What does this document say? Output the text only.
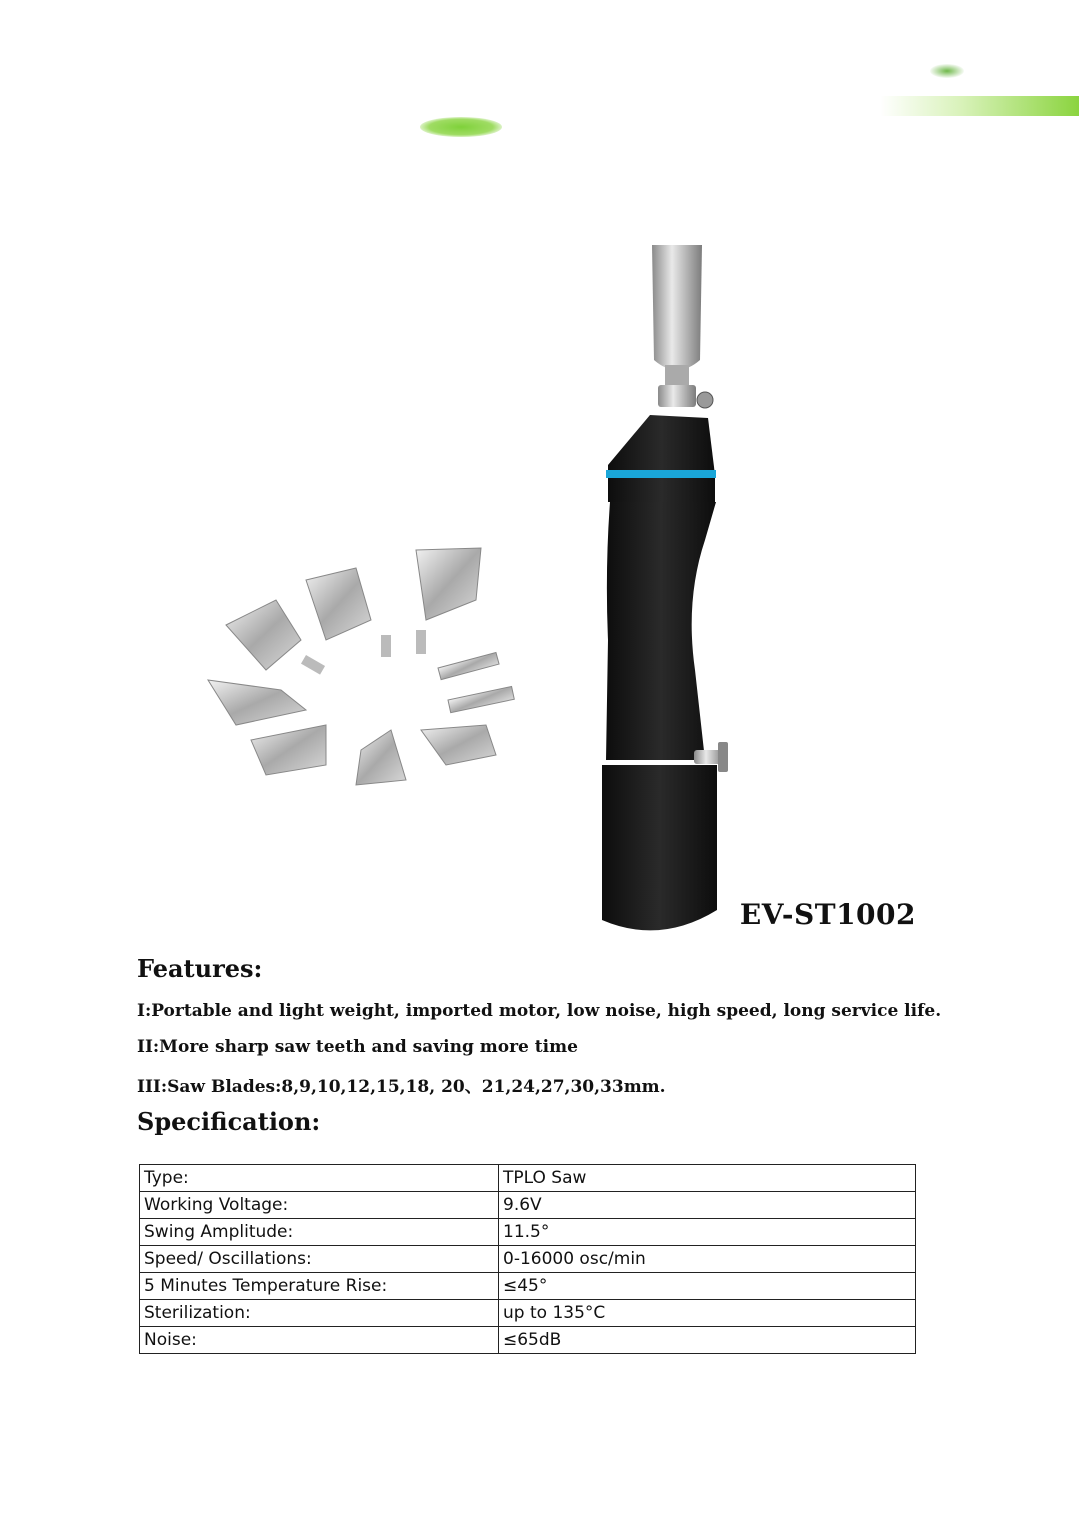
EV-ST1002
Features:
I:Portable and light weight, imported motor, low noise, high speed, long service life.
II:More sharp saw teeth and saving more time
III:Saw Blades:8,9,10,12,15,18, 20、21,24,27,30,33mm.
Specification:
Type:	TPLO Saw
Working Voltage:	9.6V
Swing Amplitude:	11.5°
Speed/ Oscillations:	0-16000 osc/min
5 Minutes Temperature Rise:	≤45°
Sterilization:	up to 135°C
Noise:	≤65dB
